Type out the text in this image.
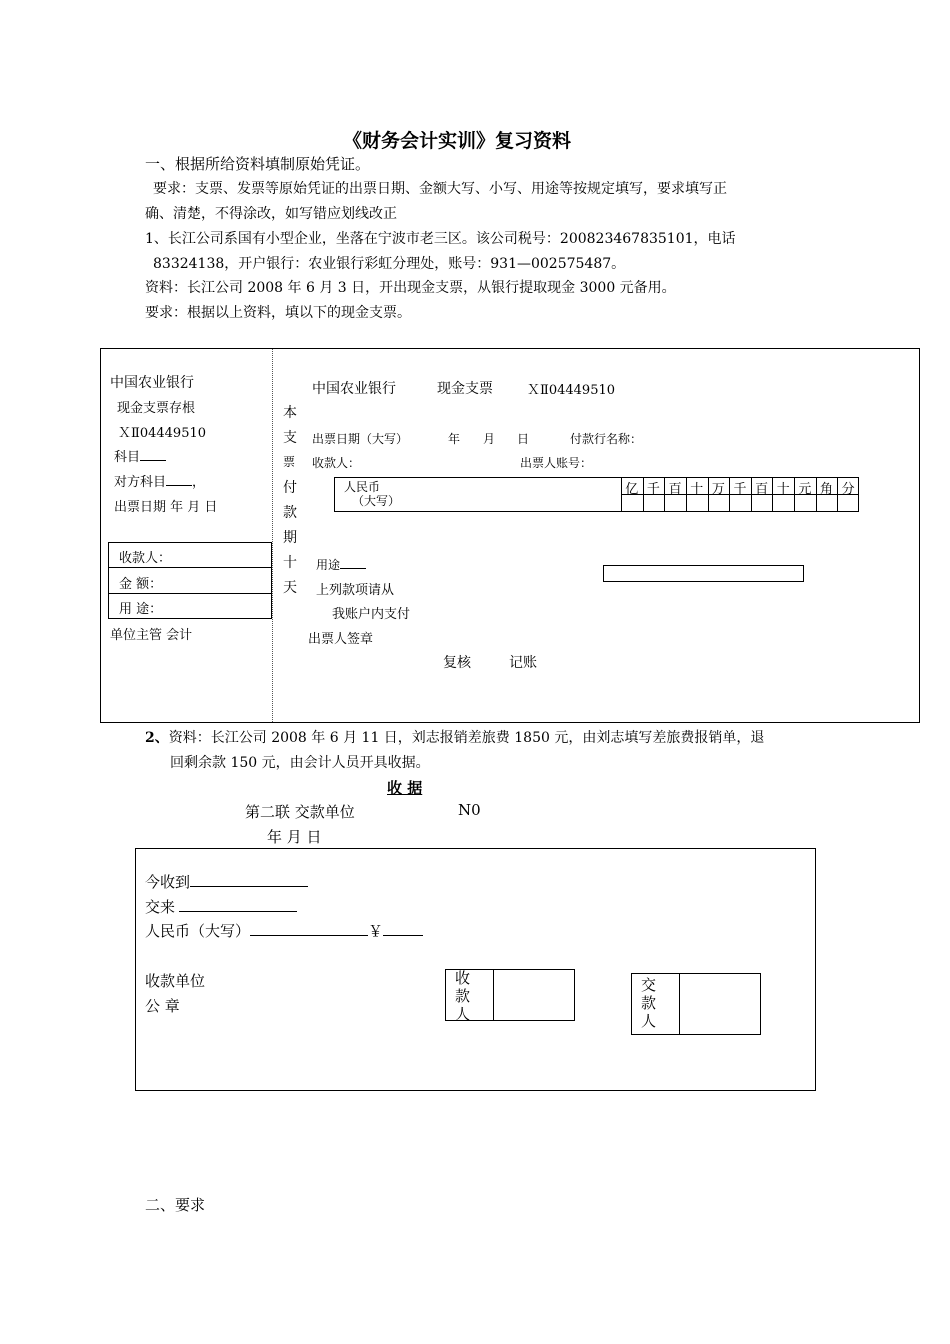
《财务会计实训》复习资料
一、根据所给资料填制原始凭证。
要求：支票、发票等原始凭证的出票日期、金额大写、小写、用途等按规定填写，要求填写正
确、清楚，不得涂改，如写错应划线改正
1、长江公司系国有小型企业，坐落在宁波市老三区。该公司税号：200823467835101，电话
83324138，开户银行：农业银行彩虹分理处，账号：931—002575487。
资料：长江公司 2008 年 6 月 3 日，开出现金支票，从银行提取现金 3000 元备用。
要求：根据以上资料，填以下的现金支票。
中国农业银行
现金支票存根
ＸⅡ04449510
科目
对方科目 ，
出票日期 年 月 日
收款人：
金 额：
用 途：
单位主管 会计
本
支
票
付
款
期
十
天
中国农业银行	现金支票	ＸⅡ04449510
出票日期（大写）	年 月 日	付款行名称：
收款人：	出票人账号：
人民币
（大写）
亿 千 百 十 万 千 百 十 元 角 分
用途
上列款项请从
我账户内支付
出票人签章
复核	记账
2、资料：长江公司 2008 年 6 月 11 日，刘志报销差旅费 1850 元，由刘志填写差旅费报销单，退
回剩余款 150 元，由会计人员开具收据。
收 据
第二联 交款单位	N0
年 月 日
今收到
交来
人民币（大写）	￥
收款单位
公 章
收
款
人
交
款
人
二、要求
